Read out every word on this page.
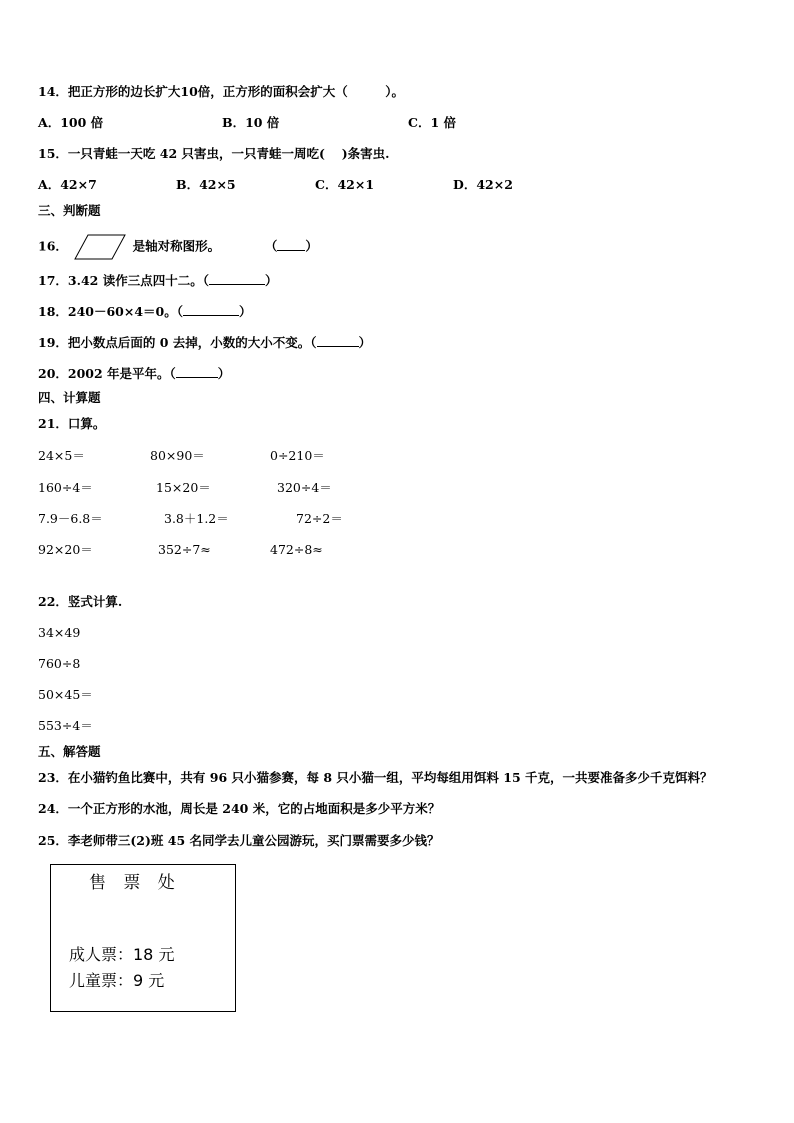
14．把正方形的边长扩大10倍，正方形的面积会扩大（　　　）。
A．100 倍	B．10 倍	C．1 倍
15．一只青蛙一天吃 42 只害虫，一只青蛙一周吃(　 )条害虫.
A．42×7	B．42×5	C．42×1	D．42×2
三、判断题
16．	是轴对称图形。	（ ）
17．3.42 读作三点四十二。（	）
18．240－60×4＝0。（	）
19．把小数点后面的 0 去掉，小数的大小不变。（	）
20．2002 年是平年。（	）
四、计算题
21．口算。
24×5＝	80×90＝	0÷210＝
160÷4＝	15×20＝	320÷4＝
7.9－6.8＝	3.8＋1.2＝	72÷2＝
92×20＝	352÷7≈	472÷8≈
22．竖式计算.
34×49
760÷8
50×45＝
553÷4＝
五、解答题
23．在小猫钓鱼比赛中，共有 96 只小猫参赛，每 8 只小猫一组，平均每组用饵料 15 千克，一共要准备多少千克饵料？
24．一个正方形的水池，周长是 240 米，它的占地面积是多少平方米？
25．李老师带三(2)班 45 名同学去儿童公园游玩，买门票需要多少钱？
售 票 处
成人票：18 元
儿童票：9 元
